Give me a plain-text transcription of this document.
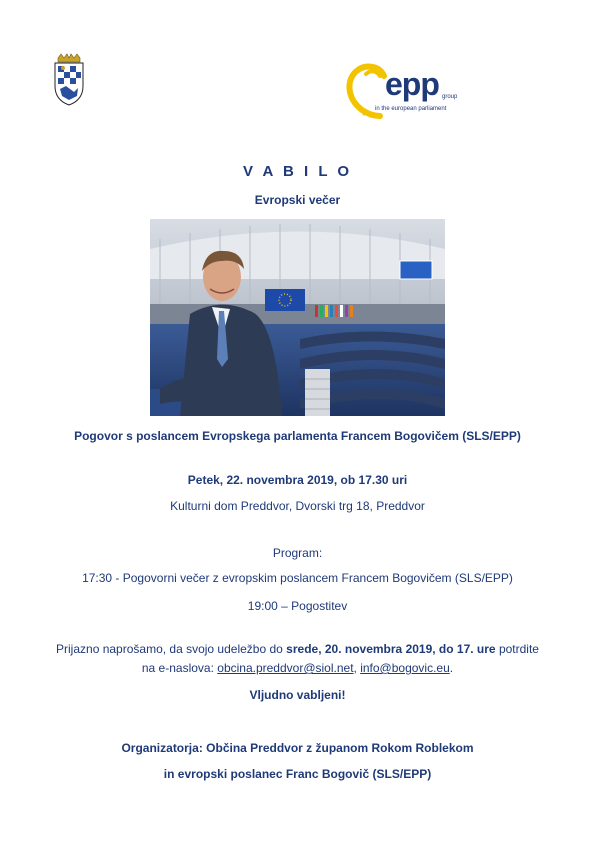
epp group
in the european parliament
V A B I L O
Evropski večer
Pogovor s poslancem Evropskega parlamenta Francem Bogovičem (SLS/EPP)
Petek, 22. novembra 2019, ob 17.30 uri
Kulturni dom Preddvor, Dvorski trg 18, Preddvor
Program:
17:30 - Pogovorni večer z evropskim poslancem Francem Bogovičem (SLS/EPP)
19:00 – Pogostitev
Prijazno naprošamo, da svojo udeležbo do srede, 20. novembra 2019, do 17. ure potrdite
na e-naslova: obcina.preddvor@siol.net, info@bogovic.eu.
Vljudno vabljeni!
Organizatorja: Občina Preddvor z županom Rokom Roblekom
in evropski poslanec Franc Bogovič (SLS/EPP)
